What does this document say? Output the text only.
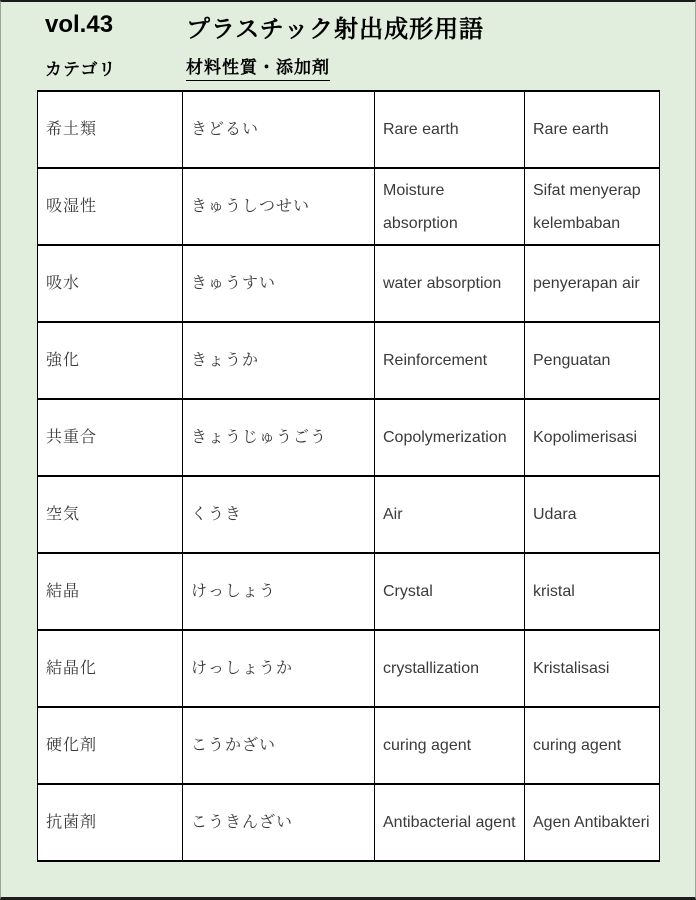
vol.43	プラスチック射出成形用語
カテゴリ	材料性質・添加剤
希土類	きどるい	Rare earth	Rare earth
吸湿性	きゅうしつせい	Moisture absorption	Sifat menyerap kelembaban
吸水	きゅうすい	water absorption	penyerapan air
強化	きょうか	Reinforcement	Penguatan
共重合	きょうじゅうごう	Copolymerization	Kopolimerisasi
空気	くうき	Air	Udara
結晶	けっしょう	Crystal	kristal
結晶化	けっしょうか	crystallization	Kristalisasi
硬化剤	こうかざい	curing agent	curing agent
抗菌剤	こうきんざい	Antibacterial agent	Agen Antibakteri
